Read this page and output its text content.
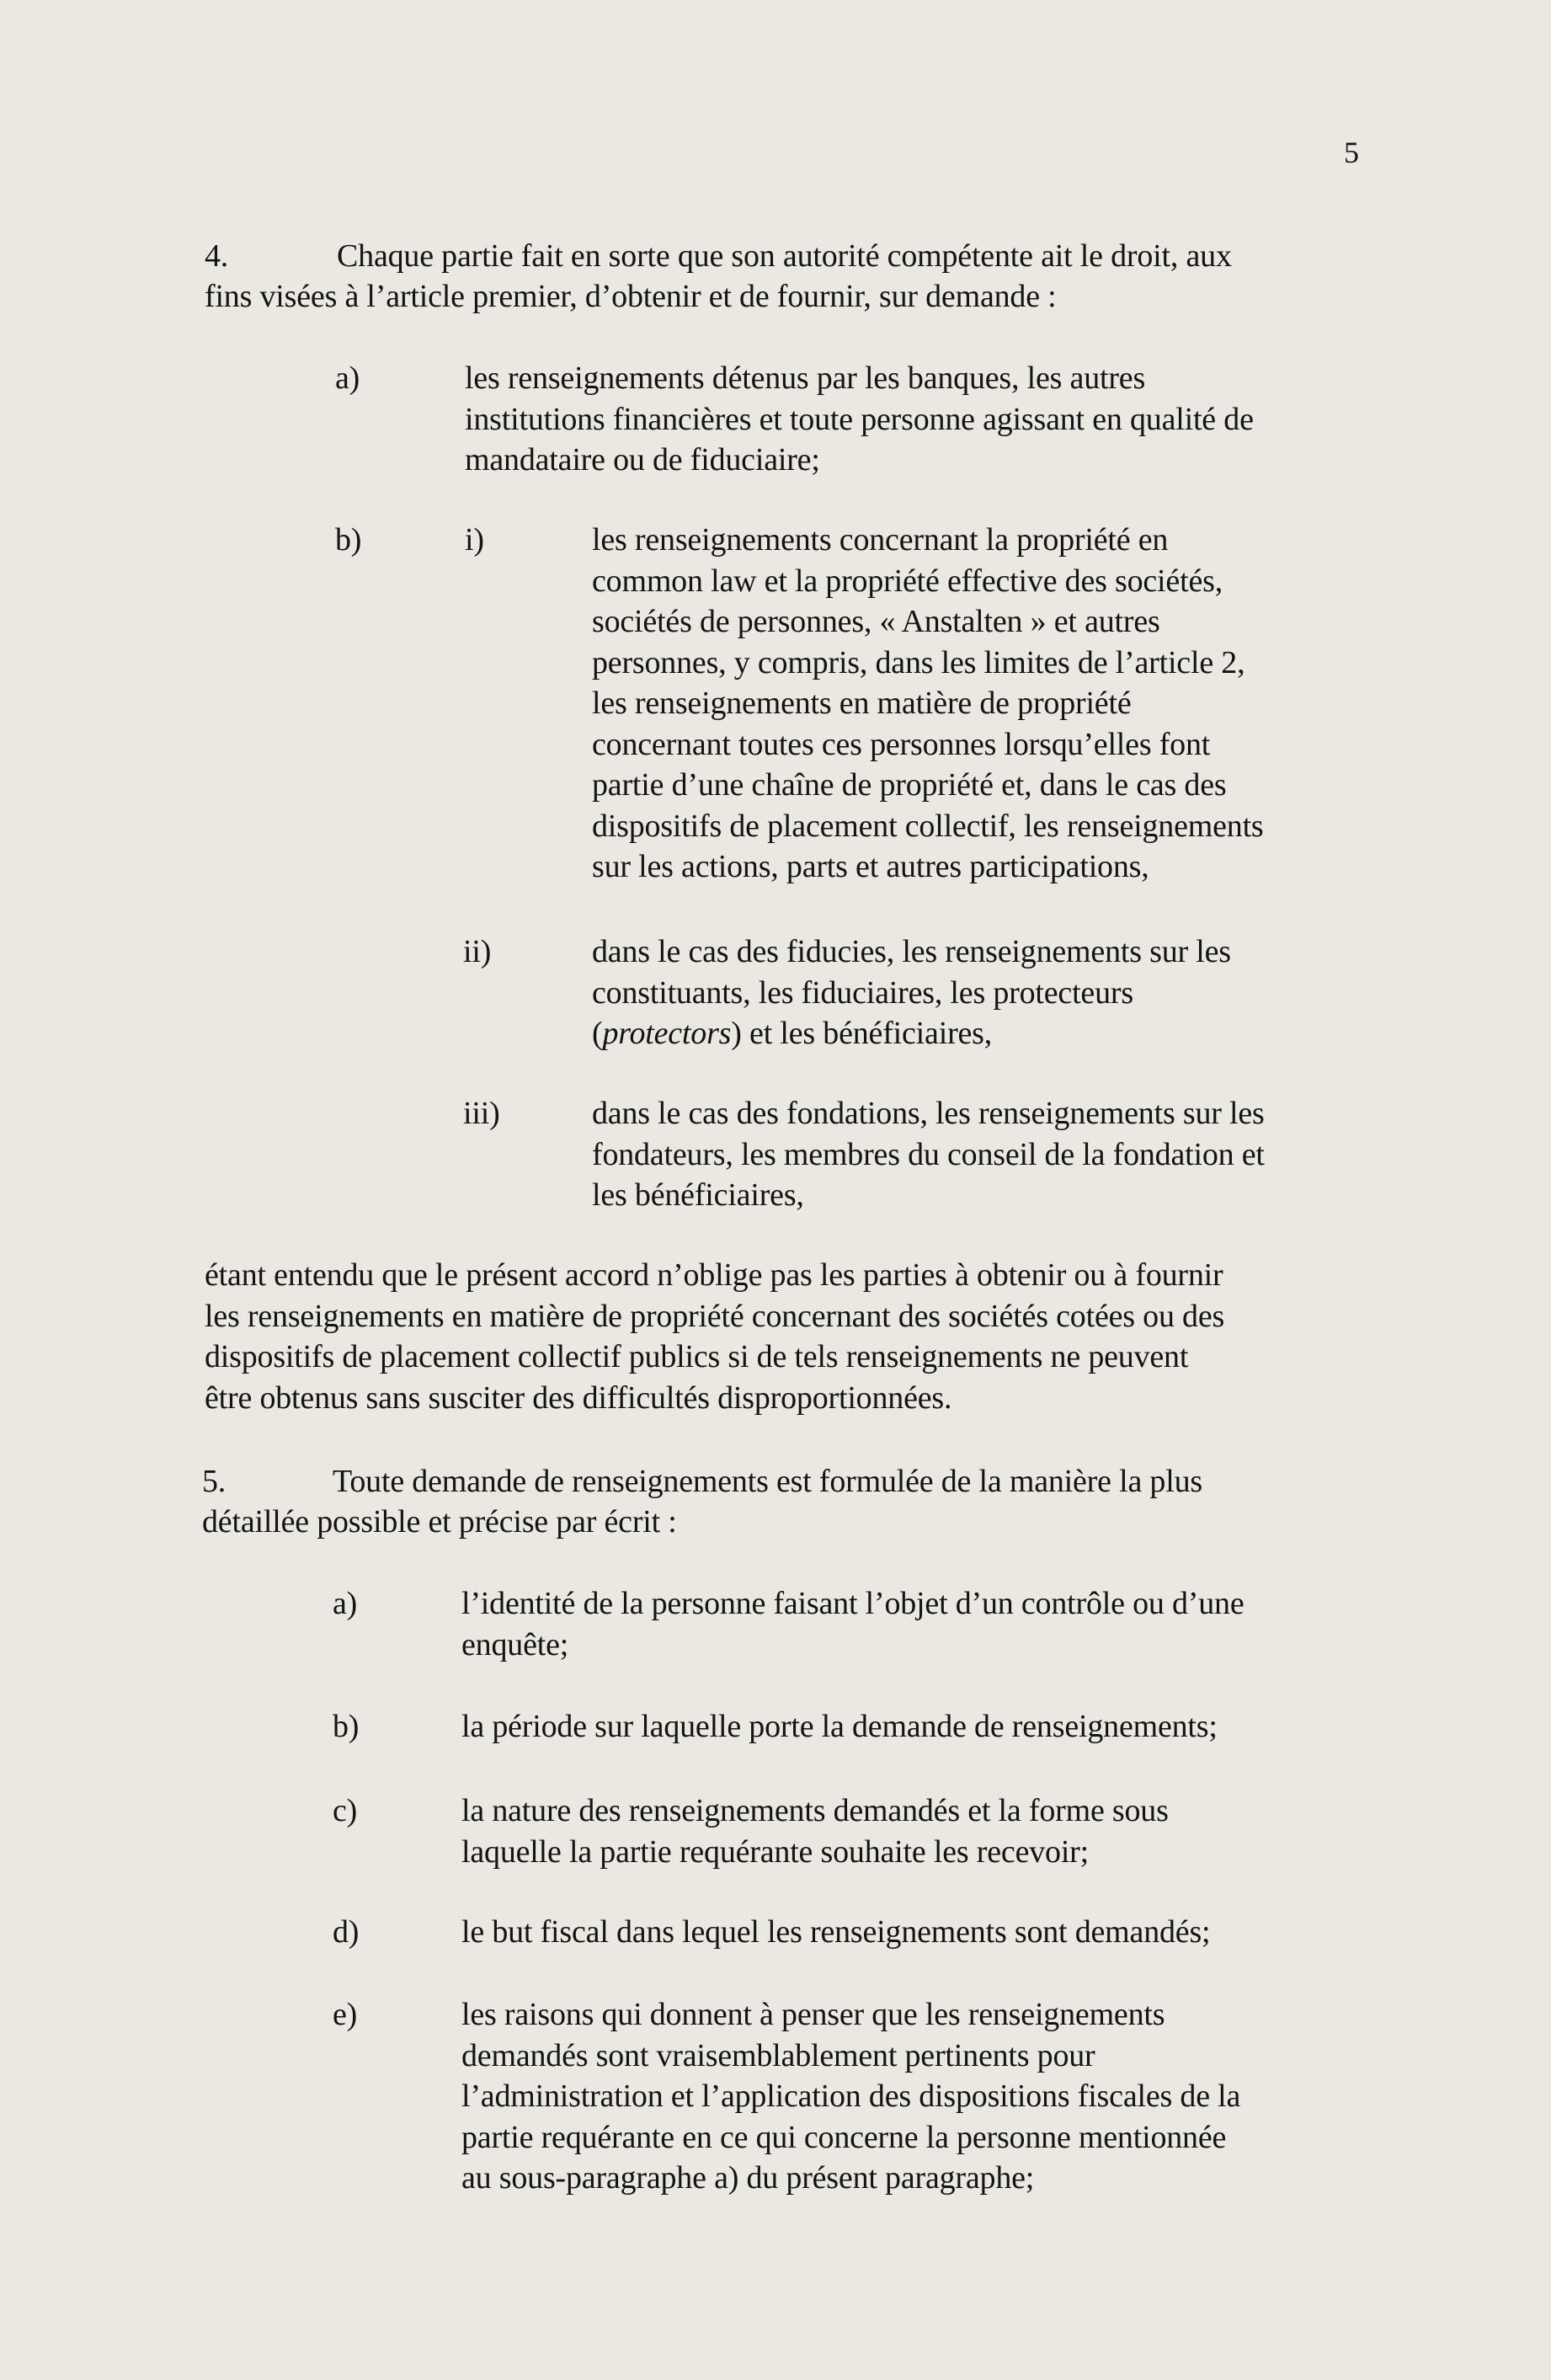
5
4.	Chaque partie fait en sorte que son autorité compétente ait le droit, aux
fins visées à l’article premier, d’obtenir et de fournir, sur demande :
a)	les renseignements détenus par les banques, les autres
institutions financières et toute personne agissant en qualité de
mandataire ou de fiduciaire;
b)	i)	les renseignements concernant la propriété en
common law et la propriété effective des sociétés,
sociétés de personnes, « Anstalten » et autres
personnes, y compris, dans les limites de l’article 2,
les renseignements en matière de propriété
concernant toutes ces personnes lorsqu’elles font
partie d’une chaîne de propriété et, dans le cas des
dispositifs de placement collectif, les renseignements
sur les actions, parts et autres participations,
ii)	dans le cas des fiducies, les renseignements sur les
constituants, les fiduciaires, les protecteurs
(protectors) et les bénéficiaires,
iii)	dans le cas des fondations, les renseignements sur les
fondateurs, les membres du conseil de la fondation et
les bénéficiaires,
étant entendu que le présent accord n’oblige pas les parties à obtenir ou à fournir
les renseignements en matière de propriété concernant des sociétés cotées ou des
dispositifs de placement collectif publics si de tels renseignements ne peuvent
être obtenus sans susciter des difficultés disproportionnées.
5.	Toute demande de renseignements est formulée de la manière la plus
détaillée possible et précise par écrit :
a)	l’identité de la personne faisant l’objet d’un contrôle ou d’une
enquête;
b)	la période sur laquelle porte la demande de renseignements;
c)	la nature des renseignements demandés et la forme sous
laquelle la partie requérante souhaite les recevoir;
d)	le but fiscal dans lequel les renseignements sont demandés;
e)	les raisons qui donnent à penser que les renseignements
demandés sont vraisemblablement pertinents pour
l’administration et l’application des dispositions fiscales de la
partie requérante en ce qui concerne la personne mentionnée
au sous-paragraphe a) du présent paragraphe;
